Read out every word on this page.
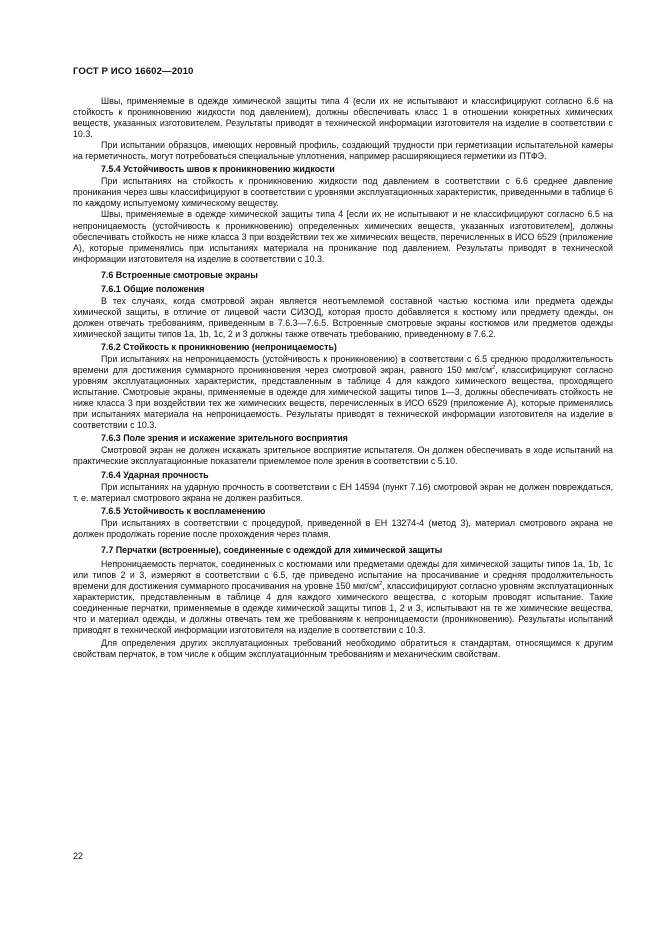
ГОСТ Р ИСО 16602—2010

Швы, применяемые в одежде химической защиты типа 4 (если их не испытывают и классифицируют согласно 6.6 на стойкость к проникновению жидкости под давлением), должны обеспечивать класс 1 в отношении конкретных химических веществ, указанных изготовителем. Результаты приводят в технической информации изготовителя на изделие в соответствии с 10.3.

При испытании образцов, имеющих неровный профиль, создающий трудности при герметизации испытательной камеры на герметичность, могут потребоваться специальные уплотнения, например расширяющиеся герметики из ПТФЭ.

7.5.4 Устойчивость швов к проникновению жидкости

При испытаниях на стойкость к проникновению жидкости под давлением в соответствии с 6.6 среднее давление проникания через швы классифицируют в соответствии с уровнями эксплуатационных характеристик, приведенными в таблице 6 по каждому испытуемому химическому веществу.

Швы, применяемые в одежде химической защиты типа 4 [если их не испытывают и не классифицируют согласно 6.5 на непроницаемость (устойчивость к проникновению) определенных химических веществ, указанных изготовителем], должны обеспечивать стойкость не ниже класса 3 при воздействии тех же химических веществ, перечисленных в ИСО 6529 (приложение А), которые применялись при испытаниях материала на проникание под давлением. Результаты приводят в технической информации изготовителя на изделие в соответствии с 10.3.

7.6 Встроенные смотровые экраны
7.6.1 Общие положения

В тех случаях, когда смотровой экран является неотъемлемой составной частью костюма или предмета одежды химической защиты, в отличие от лицевой части СИЗОД, которая просто добавляется к костюму или предмету одежды, он должен отвечать требованиям, приведенным в 7.6.3—7.6.5. Встроенные смотровые экраны костюмов или предметов одежды химической защиты типов 1а, 1b, 1с, 2 и 3 должны также отвечать требованию, приведенному в 7.6.2.

7.6.2 Стойкость к проникновению (непроницаемость)

При испытаниях на непроницаемость (устойчивость к проникновению) в соответствии с 6.5 среднюю продолжительность времени для достижения суммарного проникновения через смотровой экран, равного 150 мкг/$см^2$, классифицируют согласно уровням эксплуатационных характеристик, представленным в таблице 4 для каждого химического вещества, проходящего испытание. Смотровые экраны, применяемые в одежде для химической защиты типов 1—3, должны обеспечивать стойкость не ниже класса 3 при воздействии тех же химических веществ, перечисленных в ИСО 6529 (приложение А), которые применялись при испытаниях материала на непроницаемость. Результаты приводят в технической информации изготовителя на изделие в соответствии с 10.3.

7.6.3 Поле зрения и искажение зрительного восприятия

Смотровой экран не должен искажать зрительное восприятие испытателя. Он должен обеспечивать в ходе испытаний на практические эксплуатационные показатели приемлемое поле зрения в соответствии с 5.10.

7.6.4 Ударная прочность

При испытаниях на ударную прочность в соответствии с ЕН 14594 (пункт 7.16) смотровой экран не должен повреждаться, т. е. материал смотрового экрана не должен разбиться.

7.6.5 Устойчивость к воспламенению

При испытаниях в соответствии с процедурой, приведенной в ЕН 13274-4 (метод 3), материал смотрового экрана не должен продолжать горение после прохождения через пламя.

7.7 Перчатки (встроенные), соединенные с одеждой для химической защиты

Непроницаемость перчаток, соединенных с костюмами или предметами одежды для химической защиты типов 1а, 1b, 1с или типов 2 и 3, измеряют в соответствии с 6.5, где приведено испытание на просачивание и средняя продолжительность времени для достижения суммарного просачивания на уровне 150 мкг/$см^2$, классифицируют согласно уровням эксплуатационных характеристик, представленным в таблице 4 для каждого химического вещества, с которым проводят испытание. Такие соединенные перчатки, применяемые в одежде химической защиты типов 1, 2 и 3, испытывают на те же химические вещества, что и материал одежды, и должны отвечать тем же требованиям к непроницаемости (проникновению). Результаты испытаний приводят в технической информации изготовителя на изделие в соответствии с 10.3.

Для определения других эксплуатационных требований необходимо обратиться к стандартам, относящимся к другим свойствам перчаток, в том числе к общим эксплуатационным требованиям и механическим свойствам.

22
